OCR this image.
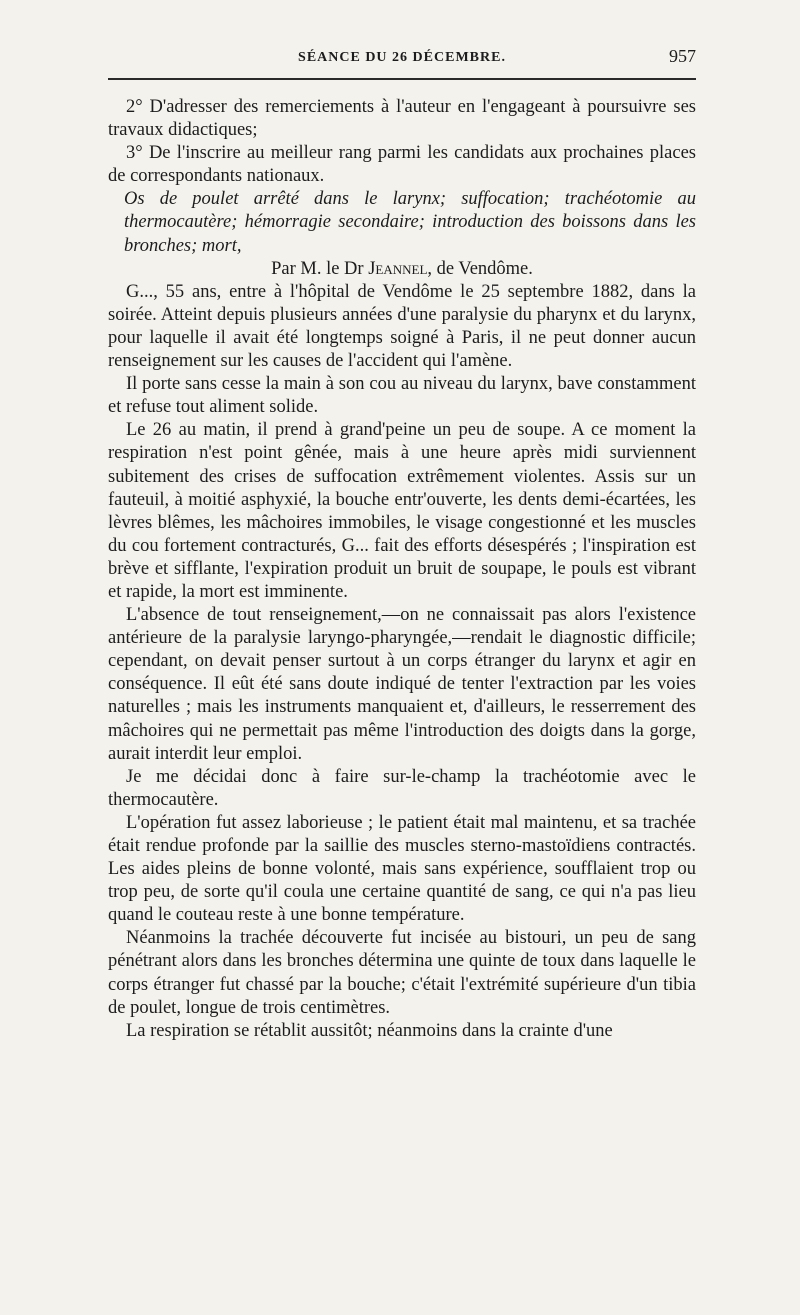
SÉANCE DU 26 DÉCEMBRE.	957

2° D'adresser des remerciements à l'auteur en l'engageant à poursuivre ses travaux didactiques;

3° De l'inscrire au meilleur rang parmi les candidats aux prochaines places de correspondants nationaux.

Os de poulet arrêté dans le larynx; suffocation; trachéotomie au thermocautère; hémorragie secondaire; introduction des boissons dans les bronches; mort,

Par M. le Dr Jeannel, de Vendôme.

G..., 55 ans, entre à l'hôpital de Vendôme le 25 septembre 1882, dans la soirée. Atteint depuis plusieurs années d'une paralysie du pharynx et du larynx, pour laquelle il avait été longtemps soigné à Paris, il ne peut donner aucun renseignement sur les causes de l'accident qui l'amène.

Il porte sans cesse la main à son cou au niveau du larynx, bave constamment et refuse tout aliment solide.

Le 26 au matin, il prend à grand'peine un peu de soupe. A ce moment la respiration n'est point gênée, mais à une heure après midi surviennent subitement des crises de suffocation extrêmement violentes. Assis sur un fauteuil, à moitié asphyxié, la bouche entr'ouverte, les dents demi-écartées, les lèvres blêmes, les mâchoires immobiles, le visage congestionné et les muscles du cou fortement contracturés, G... fait des efforts désespérés ; l'inspiration est brève et sifflante, l'expiration produit un bruit de soupape, le pouls est vibrant et rapide, la mort est imminente.

L'absence de tout renseignement,—on ne connaissait pas alors l'existence antérieure de la paralysie laryngo-pharyngée,—rendait le diagnostic difficile; cependant, on devait penser surtout à un corps étranger du larynx et agir en conséquence. Il eût été sans doute indiqué de tenter l'extraction par les voies naturelles ; mais les instruments manquaient et, d'ailleurs, le resserrement des mâchoires qui ne permettait pas même l'introduction des doigts dans la gorge, aurait interdit leur emploi.

Je me décidai donc à faire sur-le-champ la trachéotomie avec le thermocautère.

L'opération fut assez laborieuse ; le patient était mal maintenu, et sa trachée était rendue profonde par la saillie des muscles sterno-mastoïdiens contractés. Les aides pleins de bonne volonté, mais sans expérience, soufflaient trop ou trop peu, de sorte qu'il coula une certaine quantité de sang, ce qui n'a pas lieu quand le couteau reste à une bonne température.

Néanmoins la trachée découverte fut incisée au bistouri, un peu de sang pénétrant alors dans les bronches détermina une quinte de toux dans laquelle le corps étranger fut chassé par la bouche; c'était l'extrémité supérieure d'un tibia de poulet, longue de trois centimètres.

La respiration se rétablit aussitôt; néanmoins dans la crainte d'une
